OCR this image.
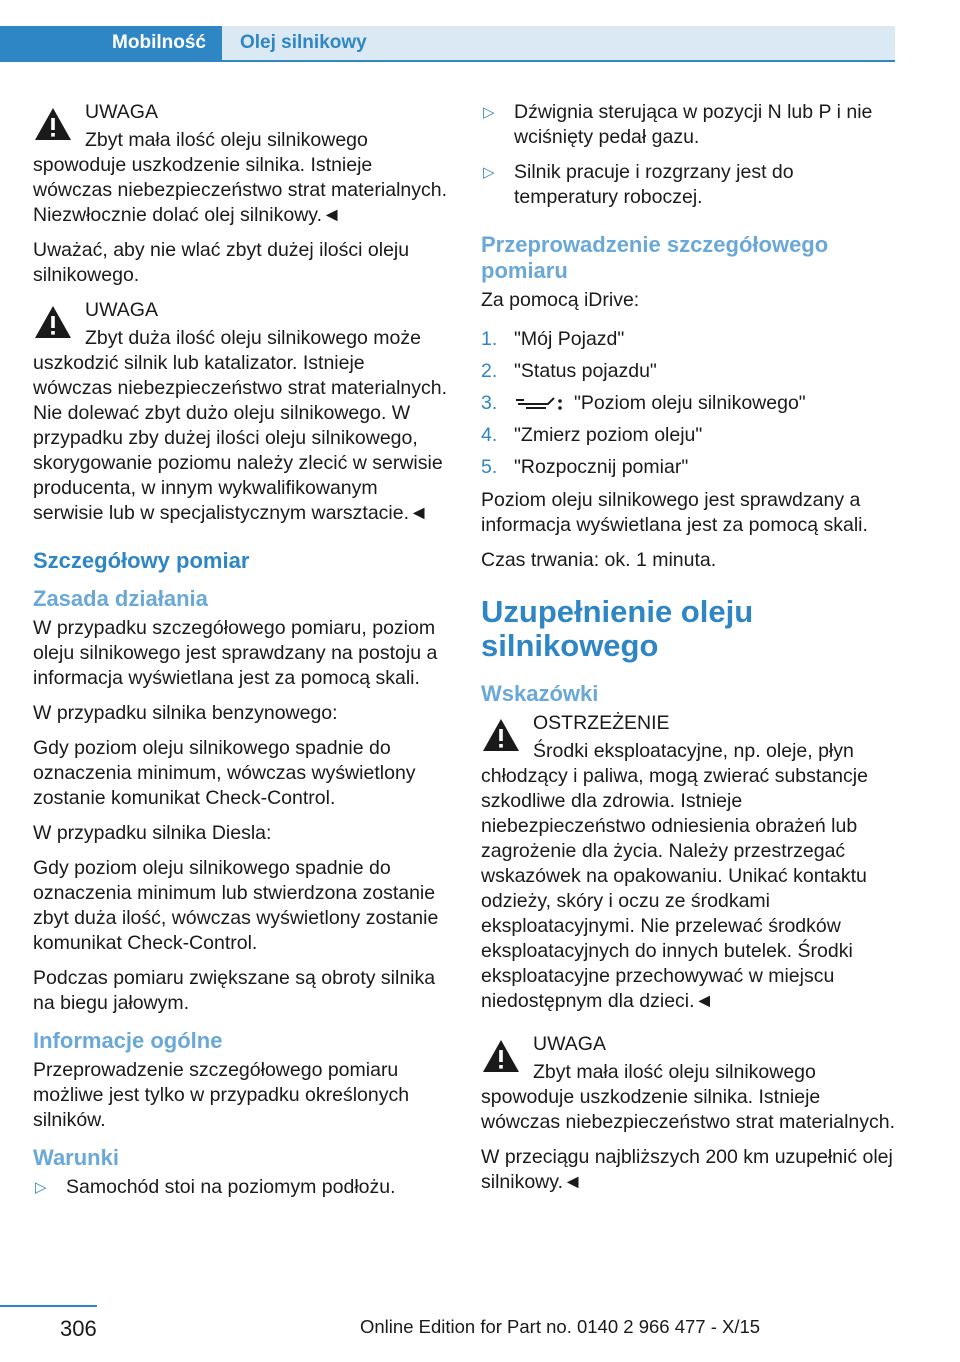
Mobilność	Olej silnikowy
UWAGA
Zbyt mała ilość oleju silnikowego spowoduje uszkodzenie silnika. Istnieje wówczas niebezpieczeństwo strat materialnych. Niezwłocznie dolać olej silnikowy.◄

Uważać, aby nie wlać zbyt dużej ilości oleju silnikowego.

UWAGA
Zbyt duża ilość oleju silnikowego może uszkodzić silnik lub katalizator. Istnieje wówczas niebezpieczeństwo strat materialnych. Nie dolewać zbyt dużo oleju silnikowego. W przypadku zby dużej ilości oleju silnikowego, skorygowanie poziomu należy zlecić w serwisie producenta, w innym wykwalifikowanym serwisie lub w specjalistycznym warsztacie.◄
Szczegółowy pomiar
Zasada działania

W przypadku szczegółowego pomiaru, poziom oleju silnikowego jest sprawdzany na postoju a informacja wyświetlana jest za pomocą skali.

W przypadku silnika benzynowego:

Gdy poziom oleju silnikowego spadnie do oznaczenia minimum, wówczas wyświetlony zostanie komunikat Check-Control.

W przypadku silnika Diesla:

Gdy poziom oleju silnikowego spadnie do oznaczenia minimum lub stwierdzona zostanie zbyt duża ilość, wówczas wyświetlony zostanie komunikat Check-Control.

Podczas pomiaru zwiększane są obroty silnika na biegu jałowym.

Informacje ogólne

Przeprowadzenie szczegółowego pomiaru możliwe jest tylko w przypadku określonych silników.

Warunki
▷ Samochód stoi na poziomym podłożu.
▷ Dźwignia sterująca w pozycji N lub P i nie wciśnięty pedał gazu.
▷ Silnik pracuje i rozgrzany jest do temperatury roboczej.
Przeprowadzenie szczegółowego pomiaru

Za pomocą iDrive:

1. "Mój Pojazd"
2. "Status pojazdu"
3.	"Poziom oleju silnikowego"
4. "Zmierz poziom oleju"
5. "Rozpocznij pomiar"

Poziom oleju silnikowego jest sprawdzany a informacja wyświetlana jest za pomocą skali.

Czas trwania: ok. 1 minuta.

Uzupełnienie oleju silnikowego
Wskazówki
OSTRZEŻENIE
Środki eksploatacyjne, np. oleje, płyn chłodzący i paliwa, mogą zwierać substancje szkodliwe dla zdrowia. Istnieje niebezpieczeństwo odniesienia obrażeń lub zagrożenie dla życia. Należy przestrzegać wskazówek na opakowaniu. Unikać kontaktu odzieży, skóry i oczu ze środkami eksploatacyjnymi. Nie przelewać środków eksploatacyjnych do innych butelek. Środki eksploatacyjne przechowywać w miejscu niedostępnym dla dzieci.◄
UWAGA
Zbyt mała ilość oleju silnikowego spowoduje uszkodzenie silnika. Istnieje wówczas niebezpieczeństwo strat materialnych.

W przeciągu najbliższych 200 km uzupełnić olej silnikowy.◄

306	Online Edition for Part no. 0140 2 966 477 - X/15
